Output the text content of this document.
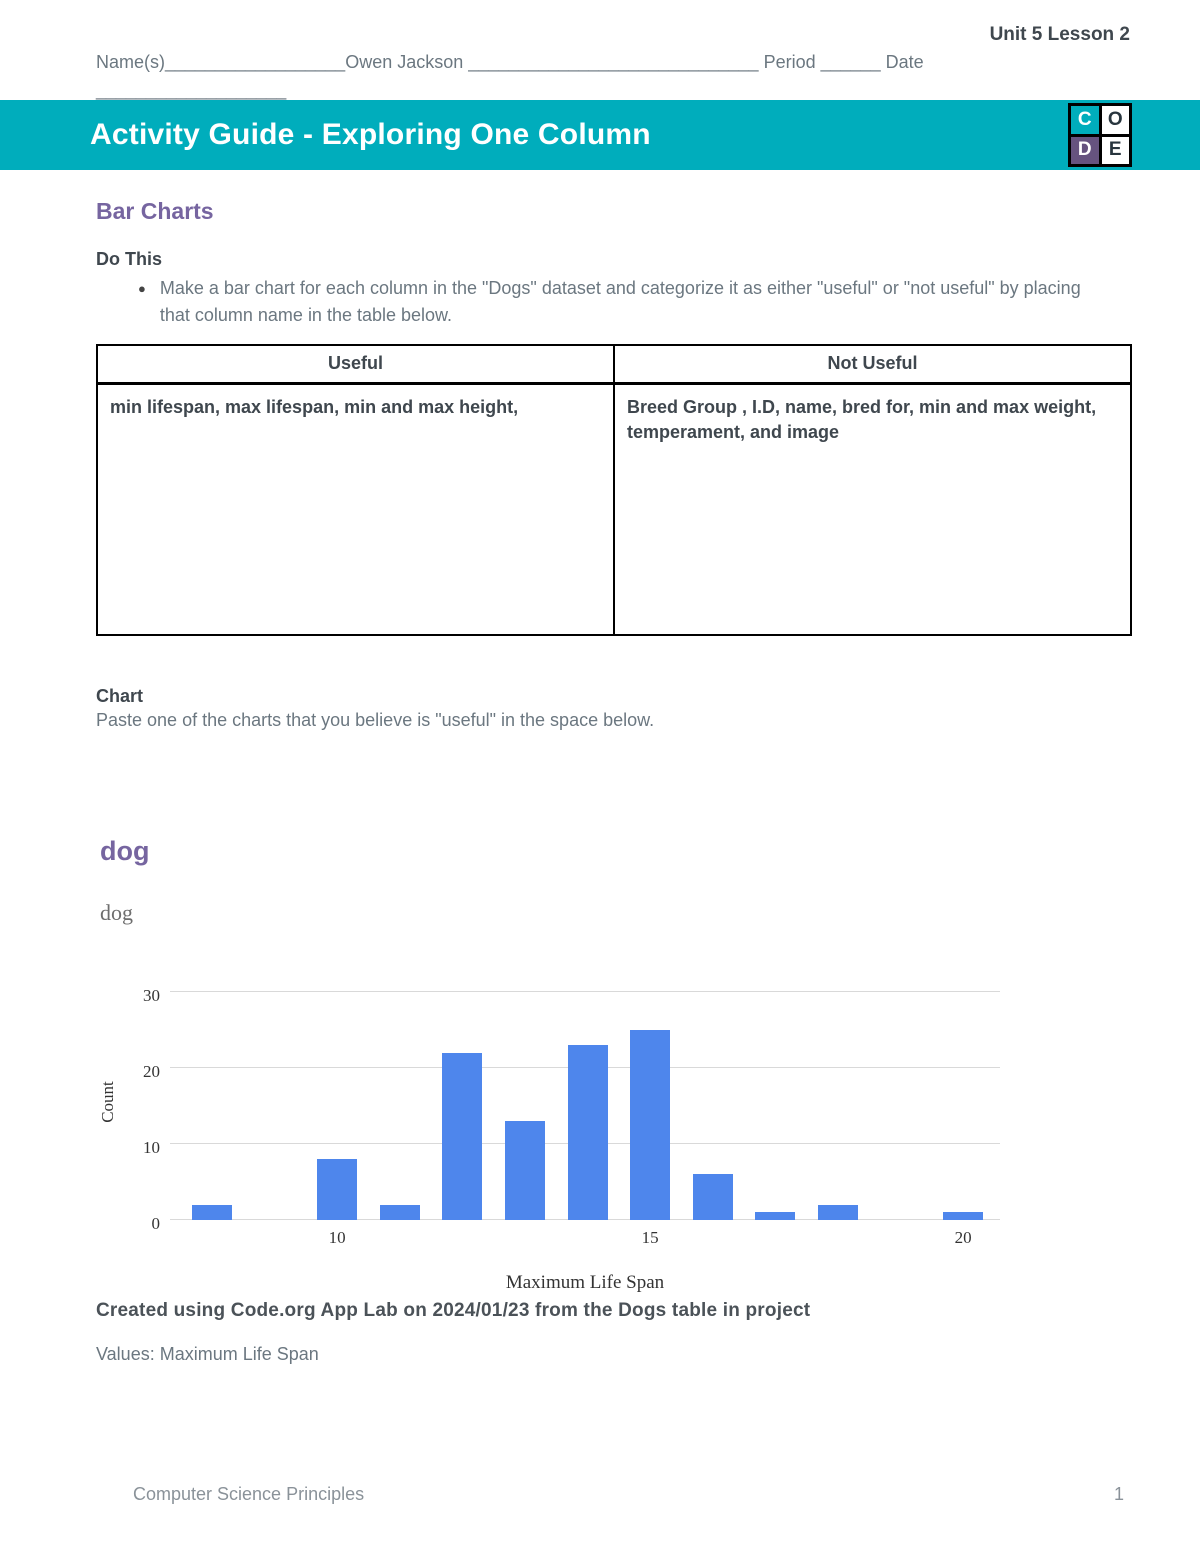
Unit 5 Lesson 2
Name(s)__________________Owen Jackson _____________________________ Period ______ Date
___________________
Activity Guide - Exploring One Column	C O
D E
Bar Charts
Do This
● Make a bar chart for each column in the "Dogs" dataset and categorize it as either "useful" or "not useful" by placing that column name in the table below.
Useful	Not Useful
min lifespan, max lifespan, min and max height,	Breed Group , I.D, name, bred for, min and max weight, temperament, and image
Chart
Paste one of the charts that you believe is "useful" in the space below.
dog
dog
Count
0
10
20
30
10	15	20
Maximum Life Span
Created using Code.org App Lab on 2024/01/23 from the Dogs table in project
Values: Maximum Life Span
Computer Science Principles	1
